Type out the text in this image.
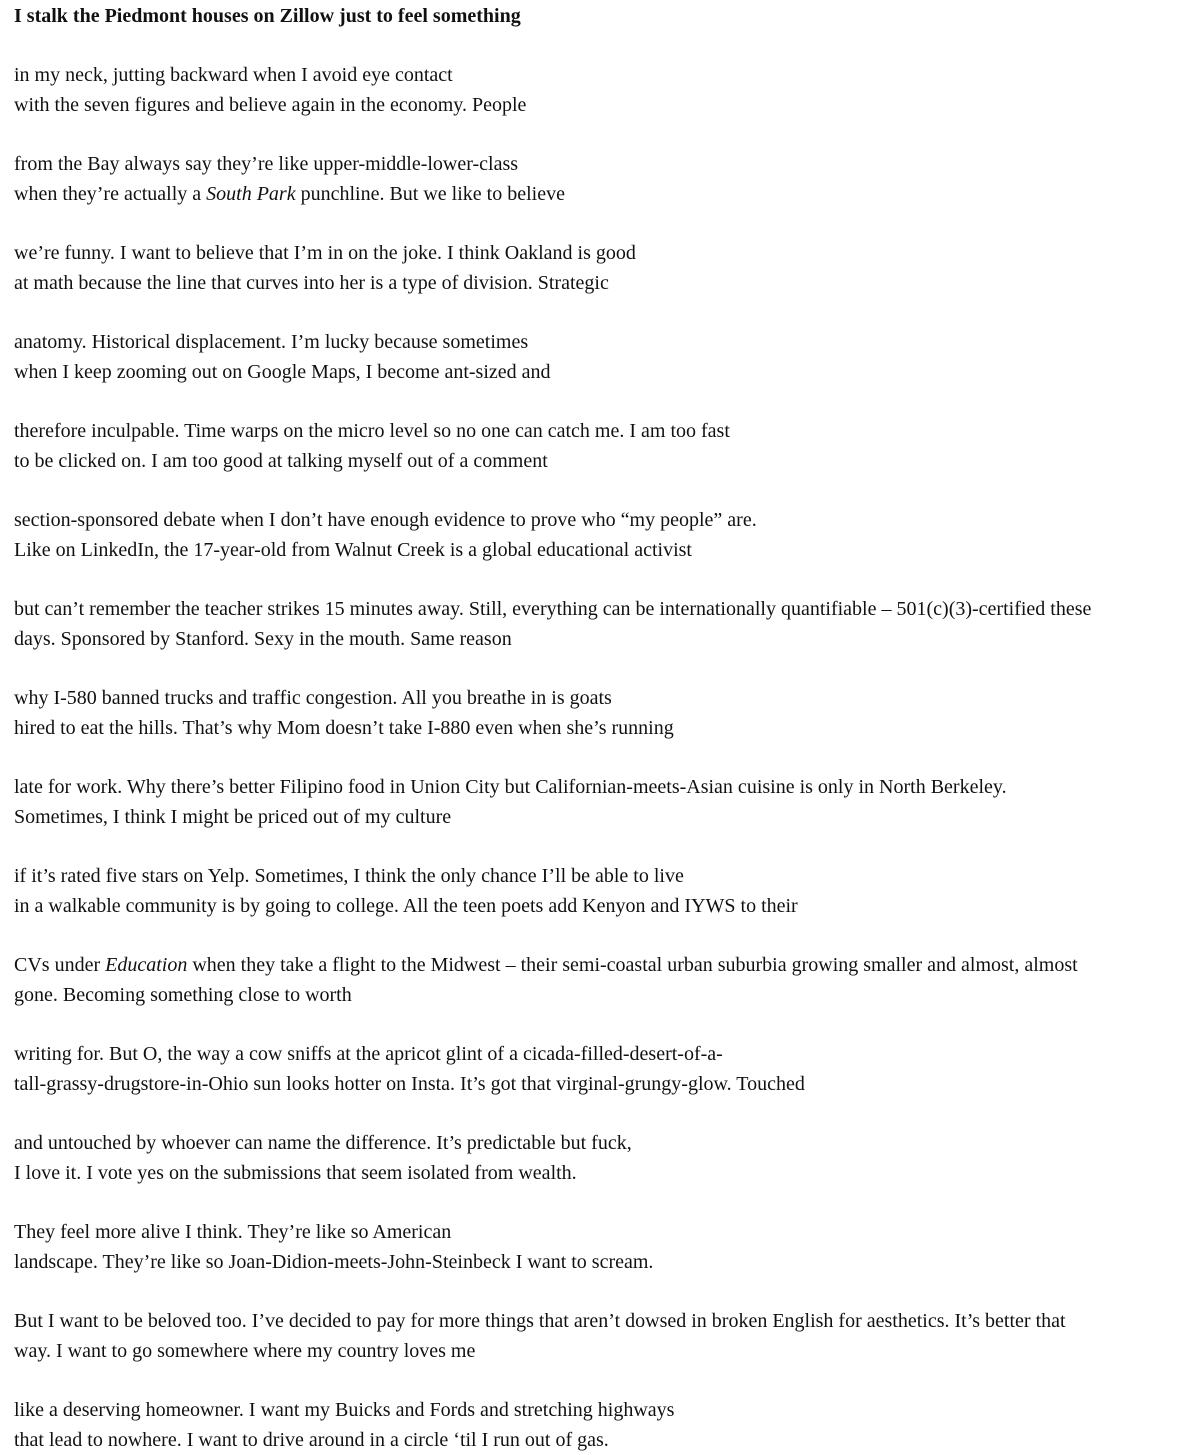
I stalk the Piedmont houses on Zillow just to feel something

in my neck, jutting backward when I avoid eye contact
with the seven figures and believe again in the economy. People

from the Bay always say they’re like upper-middle-lower-class
when they’re actually a South Park punchline. But we like to believe

we’re funny. I want to believe that I’m in on the joke. I think Oakland is good
at math because the line that curves into her is a type of division. Strategic

anatomy. Historical displacement. I’m lucky because sometimes
when I keep zooming out on Google Maps, I become ant-sized and

therefore inculpable. Time warps on the micro level so no one can catch me. I am too fast
to be clicked on. I am too good at talking myself out of a comment

section-sponsored debate when I don’t have enough evidence to prove who “my people” are.
Like on LinkedIn, the 17-year-old from Walnut Creek is a global educational activist

but can’t remember the teacher strikes 15 minutes away. Still, everything can be internationally quantifiable – 501(c)(3)-certified these
days. Sponsored by Stanford. Sexy in the mouth. Same reason

why I-580 banned trucks and traffic congestion. All you breathe in is goats
hired to eat the hills. That’s why Mom doesn’t take I-880 even when she’s running

late for work. Why there’s better Filipino food in Union City but Californian-meets-Asian cuisine is only in North Berkeley.
Sometimes, I think I might be priced out of my culture

if it’s rated five stars on Yelp. Sometimes, I think the only chance I’ll be able to live
in a walkable community is by going to college. All the teen poets add Kenyon and IYWS to their

CVs under Education when they take a flight to the Midwest – their semi-coastal urban suburbia growing smaller and almost, almost
gone. Becoming something close to worth

writing for. But O, the way a cow sniffs at the apricot glint of a cicada-filled-desert-of-a-
tall-grassy-drugstore-in-Ohio sun looks hotter on Insta. It’s got that virginal-grungy-glow. Touched

and untouched by whoever can name the difference. It’s predictable but fuck,
I love it. I vote yes on the submissions that seem isolated from wealth.

They feel more alive I think. They’re like so American
landscape. They’re like so Joan-Didion-meets-John-Steinbeck I want to scream.

But I want to be beloved too. I’ve decided to pay for more things that aren’t dowsed in broken English for aesthetics. It’s better that
way. I want to go somewhere where my country loves me

like a deserving homeowner. I want my Buicks and Fords and stretching highways
that lead to nowhere. I want to drive around in a circle ‘til I run out of gas.
